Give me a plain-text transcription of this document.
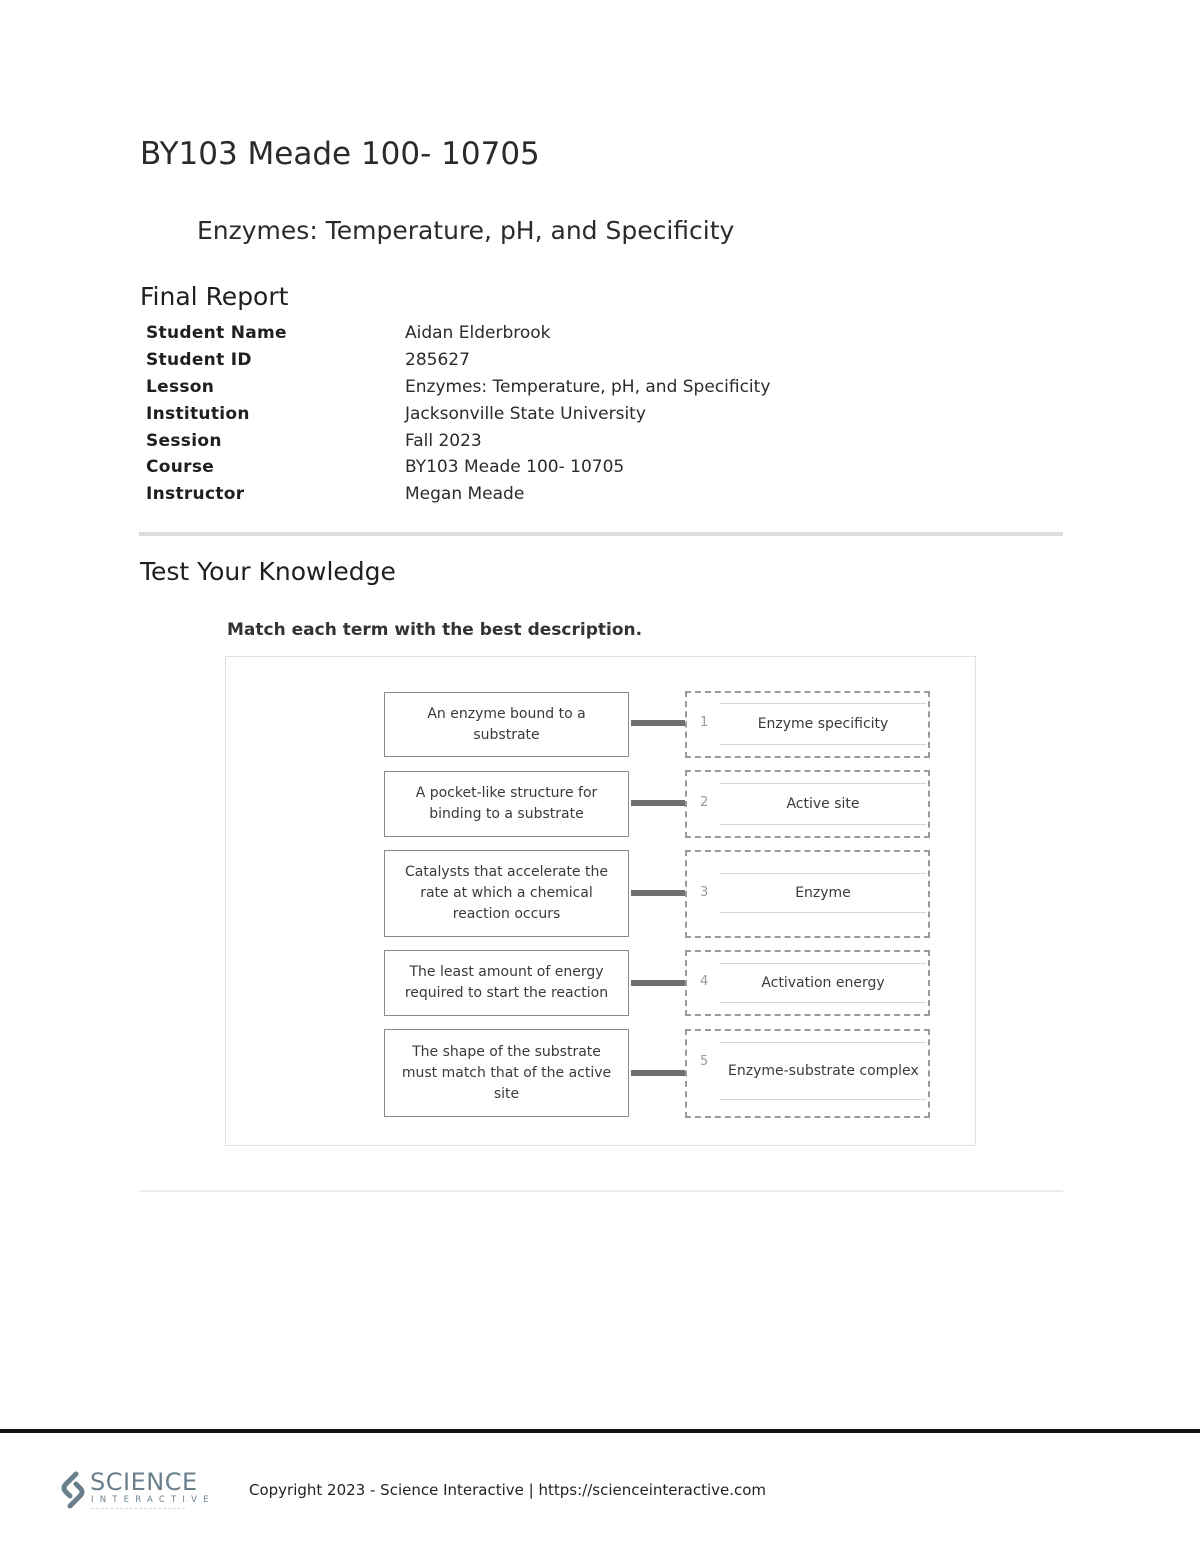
BY103 Meade 100- 10705
Enzymes: Temperature, pH, and Specificity
Final Report
Student Name	Aidan Elderbrook
Student ID	285627
Lesson	Enzymes: Temperature, pH, and Specificity
Institution	Jacksonville State University
Session	Fall 2023
Course	BY103 Meade 100- 10705
Instructor	Megan Meade
Test Your Knowledge
Match each term with the best description.
An enzyme bound to a substrate
1	Enzyme specificity
A pocket-like structure for binding to a substrate
2	Active site
Catalysts that accelerate the rate at which a chemical reaction occurs
3	Enzyme
The least amount of energy required to start the reaction
4	Activation energy
The shape of the substrate must match that of the active site
5
Enzyme-substrate complex
SCIENCE
INTERACTIVE
~~~~~~~~~~~~~~~~~~~~
Copyright 2023 - Science Interactive | https://scienceinteractive.com
